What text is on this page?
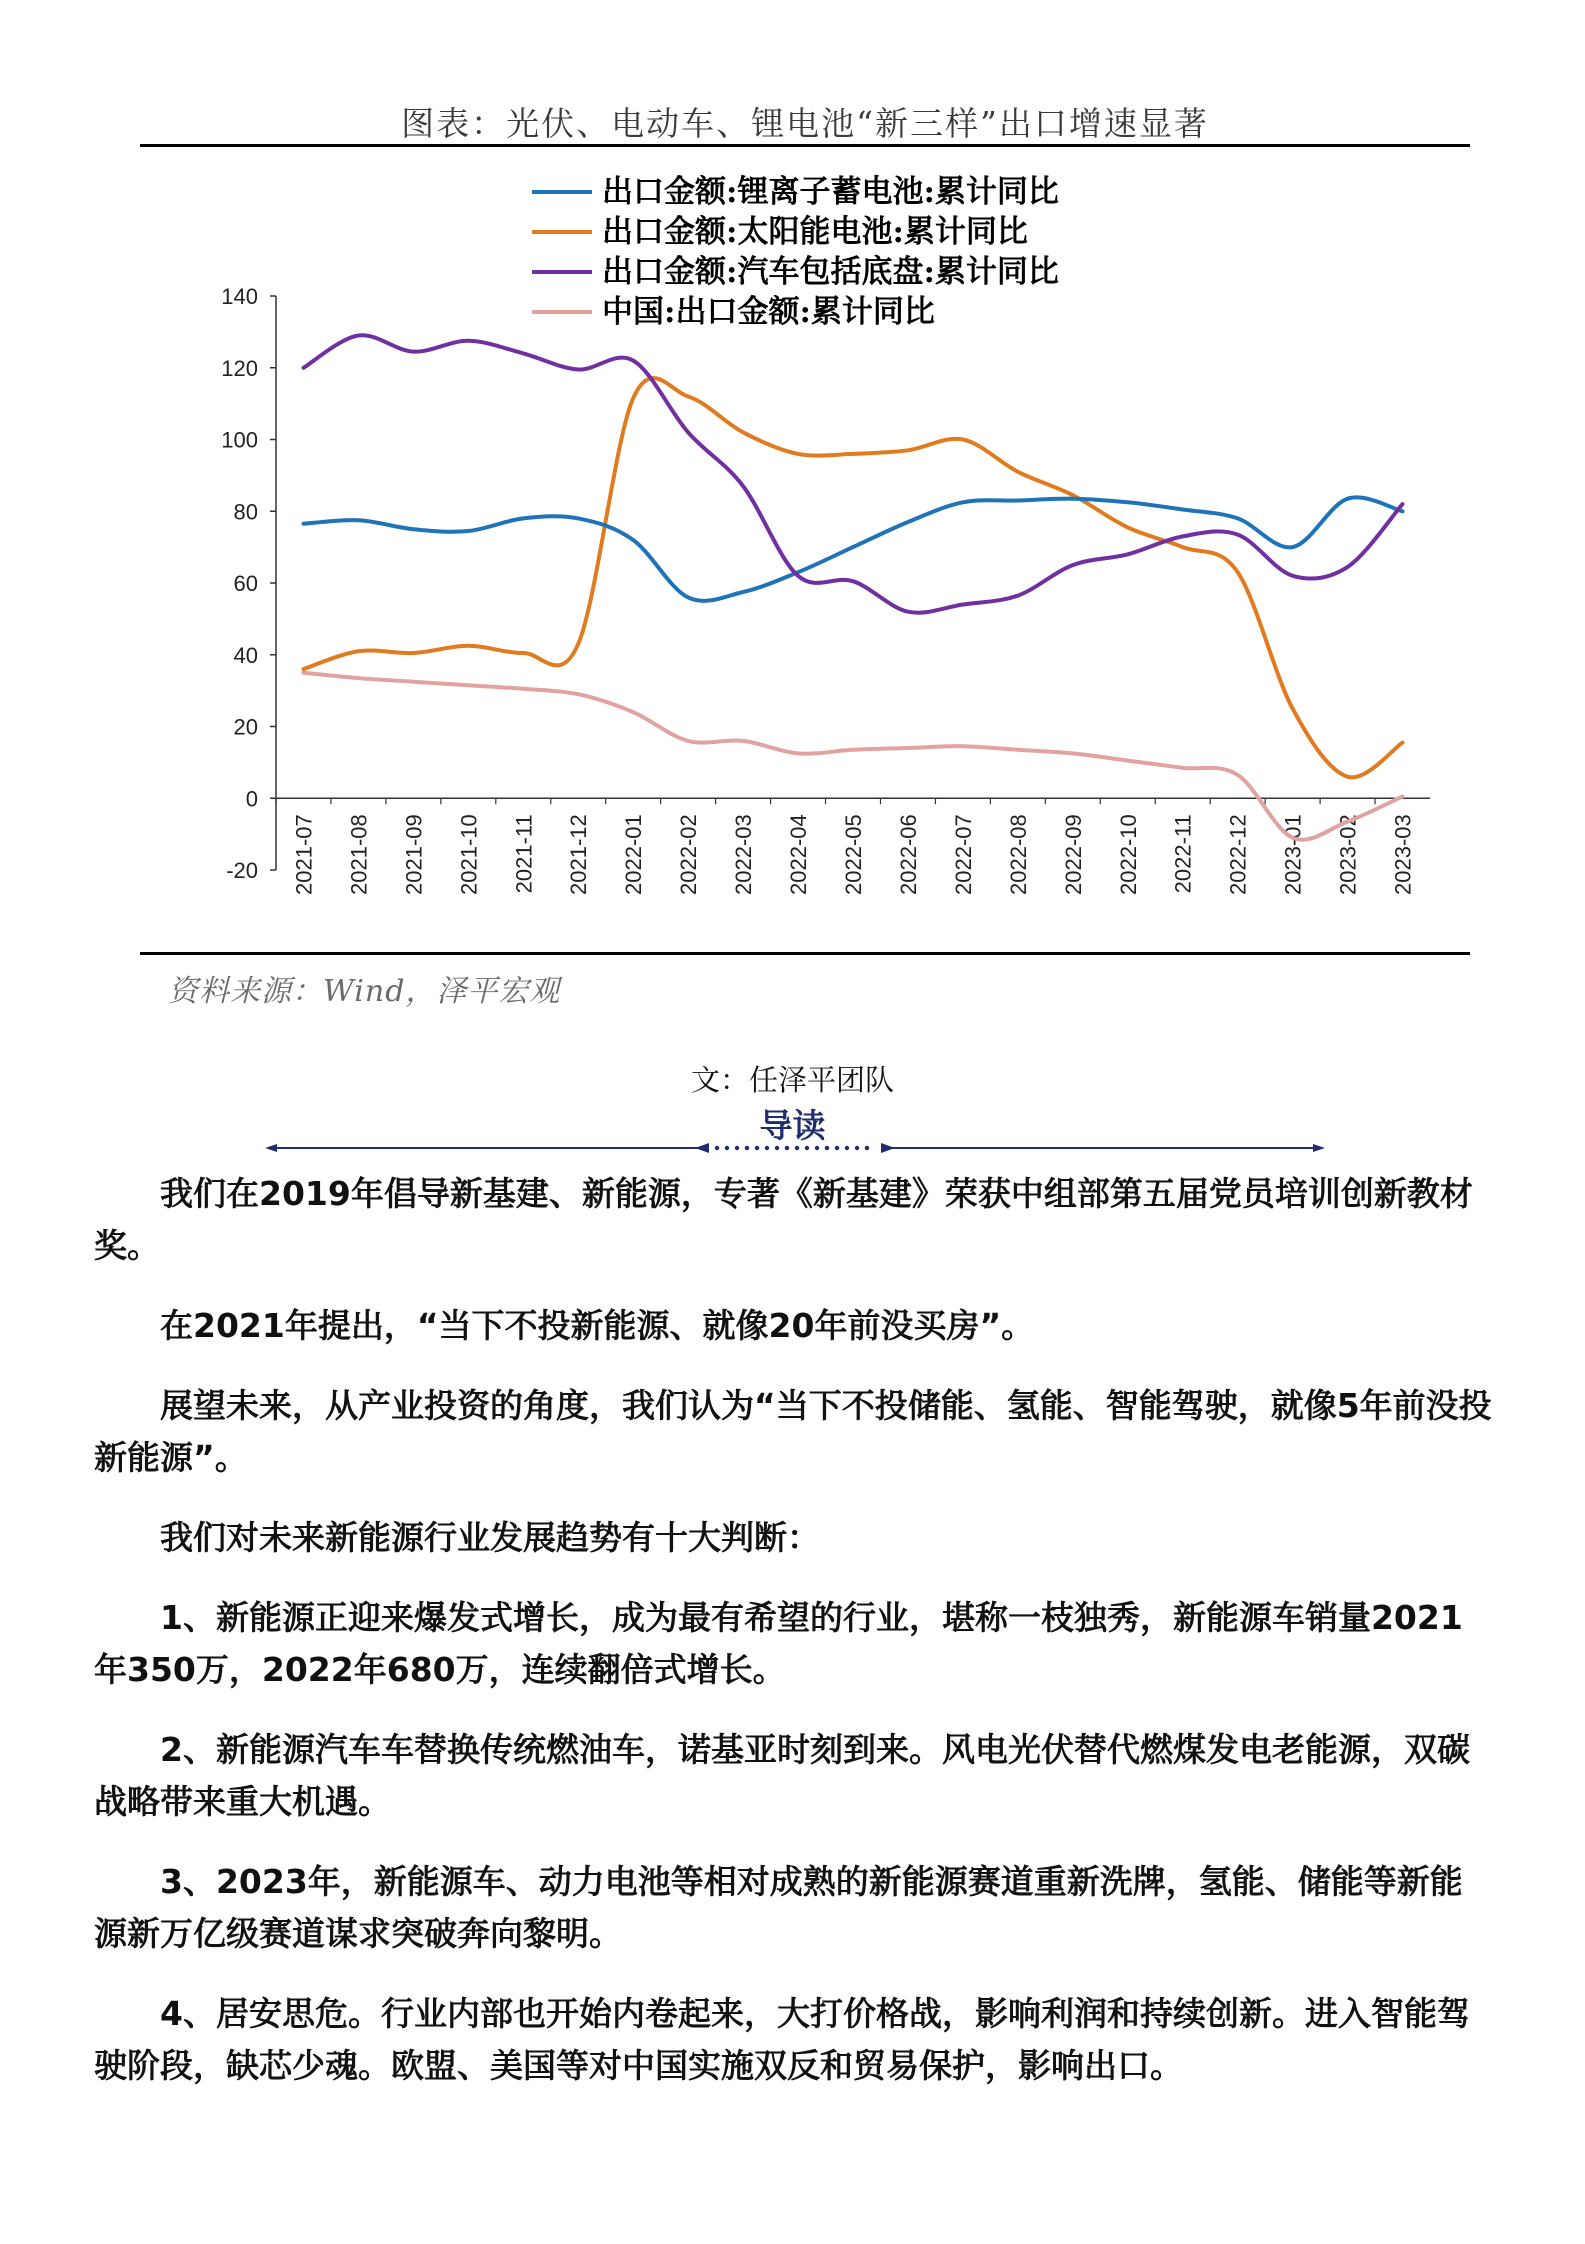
图表：光伏、电动车、锂电池“新三样”出口增速显著
出口金额:锂离子蓄电池:累计同比
出口金额:太阳能电池:累计同比
出口金额:汽车包括底盘:累计同比
中国:出口金额:累计同比
140
120
100
80
60
40
20
0
-20 2021-07 2021-08 2021-09 2021-10 2021-11 2021-12 2022-01 2022-02 2022-03 2022-04 2022-05 2022-06 2022-07 2022-08 2022-09 2022-10 2022-11 2022-12 2023-01 2023-02 2023-03
资料来源：Wind，泽平宏观
文：任泽平团队
导读

我们在2019年倡导新基建、新能源，专著《新基建》荣获中组部第五届党员培训创新教材奖。

在2021年提出，“当下不投新能源、就像20年前没买房”。

展望未来，从产业投资的角度，我们认为“当下不投储能、氢能、智能驾驶，就像5年前没投新能源”。

我们对未来新能源行业发展趋势有十大判断：

1、新能源正迎来爆发式增长，成为最有希望的行业，堪称一枝独秀，新能源车销量2021年350万，2022年680万，连续翻倍式增长。

2、新能源汽车车替换传统燃油车，诺基亚时刻到来。风电光伏替代燃煤发电老能源，双碳战略带来重大机遇。

3、2023年，新能源车、动力电池等相对成熟的新能源赛道重新洗牌，氢能、储能等新能源新万亿级赛道谋求突破奔向黎明。

4、居安思危。行业内部也开始内卷起来，大打价格战，影响利润和持续创新。进入智能驾驶阶段，缺芯少魂。欧盟、美国等对中国实施双反和贸易保护，影响出口。
